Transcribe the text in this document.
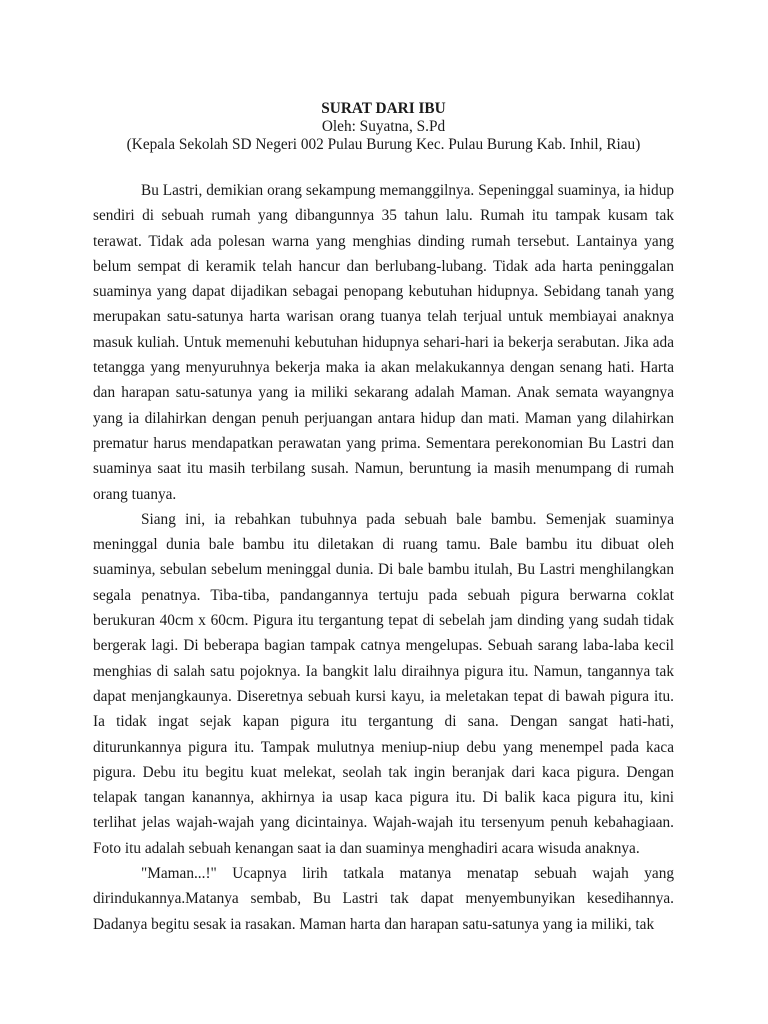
SURAT DARI IBU

Oleh: Suyatna, S.Pd

(Kepala Sekolah SD Negeri 002 Pulau Burung Kec. Pulau Burung Kab. Inhil, Riau)

Bu Lastri, demikian orang sekampung memanggilnya. Sepeninggal suaminya, ia hidup sendiri di sebuah rumah yang dibangunnya 35 tahun lalu. Rumah itu tampak kusam tak terawat. Tidak ada polesan warna yang menghias dinding rumah tersebut. Lantainya yang belum sempat di keramik telah hancur dan berlubang-lubang. Tidak ada harta peninggalan suaminya yang dapat dijadikan sebagai penopang kebutuhan hidupnya. Sebidang tanah yang merupakan satu-satunya harta warisan orang tuanya telah terjual untuk membiayai anaknya masuk kuliah. Untuk memenuhi kebutuhan hidupnya sehari-hari ia bekerja serabutan. Jika ada tetangga yang menyuruhnya bekerja maka ia akan melakukannya dengan senang hati. Harta dan harapan satu-satunya yang ia miliki sekarang adalah Maman. Anak semata wayangnya yang ia dilahirkan dengan penuh perjuangan antara hidup dan mati. Maman yang dilahirkan prematur harus mendapatkan perawatan yang prima. Sementara perekonomian Bu Lastri dan suaminya saat itu masih terbilang susah. Namun, beruntung ia masih menumpang di rumah orang tuanya.

Siang ini, ia rebahkan tubuhnya pada sebuah bale bambu. Semenjak suaminya meninggal dunia bale bambu itu diletakan di ruang tamu. Bale bambu itu dibuat oleh suaminya, sebulan sebelum meninggal dunia. Di bale bambu itulah, Bu Lastri menghilangkan segala penatnya. Tiba-tiba, pandangannya tertuju pada sebuah pigura berwarna coklat berukuran 40cm x 60cm. Pigura itu tergantung tepat di sebelah jam dinding yang sudah tidak bergerak lagi. Di beberapa bagian tampak catnya mengelupas. Sebuah sarang laba-laba kecil menghias di salah satu pojoknya. Ia bangkit lalu diraihnya pigura itu. Namun, tangannya tak dapat menjangkaunya. Diseretnya sebuah kursi kayu, ia meletakan tepat di bawah pigura itu. Ia tidak ingat sejak kapan pigura itu tergantung di sana. Dengan sangat hati-hati, diturunkannya pigura itu. Tampak mulutnya meniup-niup debu yang menempel pada kaca pigura. Debu itu begitu kuat melekat, seolah tak ingin beranjak dari kaca pigura. Dengan telapak tangan kanannya, akhirnya ia usap kaca pigura itu. Di balik kaca pigura itu, kini terlihat jelas wajah-wajah yang dicintainya. Wajah-wajah itu tersenyum penuh kebahagiaan. Foto itu adalah sebuah kenangan saat ia dan suaminya menghadiri acara wisuda anaknya.

"Maman...!" Ucapnya lirih tatkala matanya menatap sebuah wajah yang dirindukannya.Matanya sembab, Bu Lastri tak dapat menyembunyikan kesedihannya. Dadanya begitu sesak ia rasakan. Maman harta dan harapan satu-satunya yang ia miliki, tak
